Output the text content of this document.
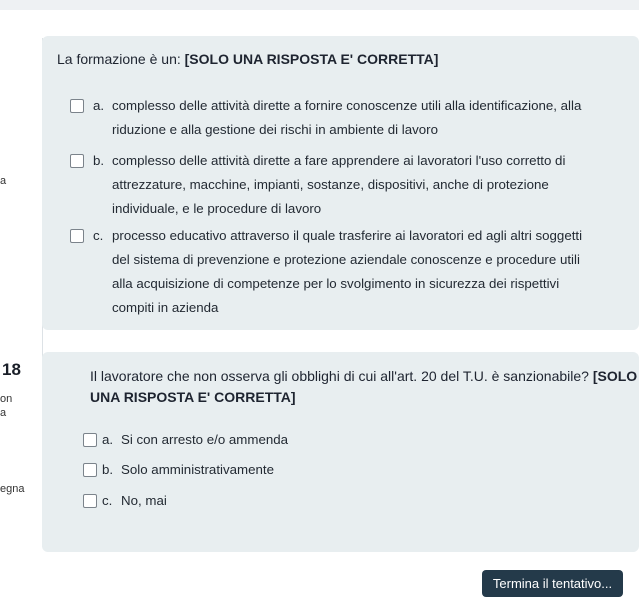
a
18
on
a
egna
La formazione è un: [SOLO UNA RISPOSTA E' CORRETTA]
a. complesso delle attività dirette a fornire conoscenze utili alla identificazione, alla
riduzione e alla gestione dei rischi in ambiente di lavoro
b. complesso delle attività dirette a fare apprendere ai lavoratori l'uso corretto di
attrezzature, macchine, impianti, sostanze, dispositivi, anche di protezione
individuale, e le procedure di lavoro
c. processo educativo attraverso il quale trasferire ai lavoratori ed agli altri soggetti
del sistema di prevenzione e protezione aziendale conoscenze e procedure utili
alla acquisizione di competenze per lo svolgimento in sicurezza dei rispettivi
compiti in azienda
Il lavoratore che non osserva gli obblighi di cui all'art. 20 del T.U. è sanzionabile? [SOLO
UNA RISPOSTA E' CORRETTA]
a. Si con arresto e/o ammenda
b. Solo amministrativamente
c. No, mai
Termina il tentativo...
